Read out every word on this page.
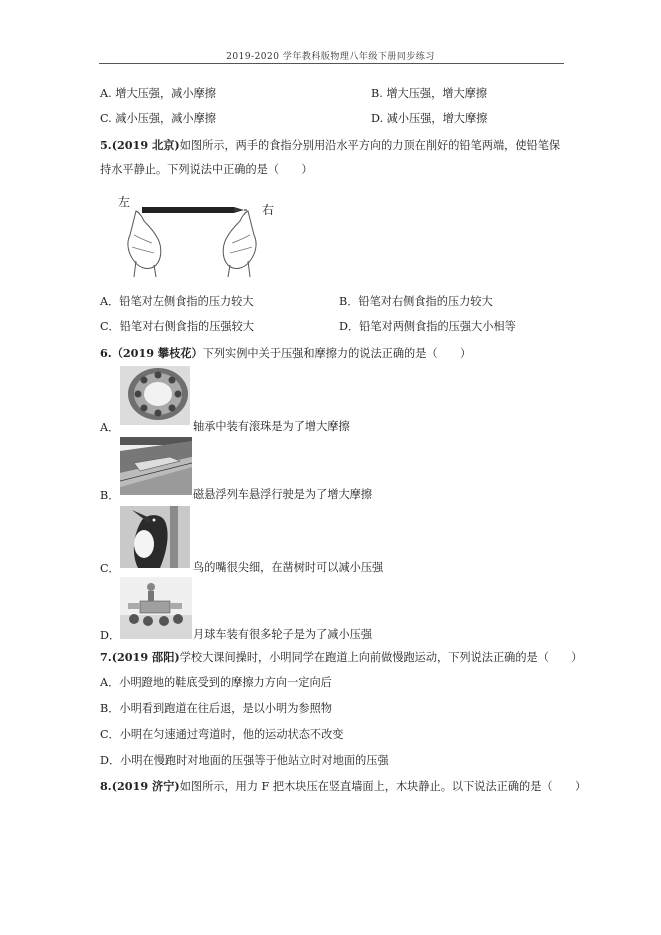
2019-2020 学年教科版物理八年级下册同步练习
A. 增大压强，减小摩擦	B. 增大压强，增大摩擦
C. 减小压强，减小摩擦	D. 减小压强，增大摩擦
5.(2019 北京)如图所示，两手的食指分别用沿水平方向的力顶在削好的铅笔两端，使铅笔保
持水平静止。下列说法中正确的是（　　）
左
右
A．铅笔对左侧食指的压力较大	B．铅笔对右侧食指的压力较大
C．铅笔对右侧食指的压强较大	D．铅笔对两侧食指的压强大小相等
6.（2019 攀枝花）下列实例中关于压强和摩擦力的说法正确的是（　　）
A．	轴承中装有滚珠是为了增大摩擦
B．	磁悬浮列车悬浮行驶是为了增大摩擦
C．	鸟的嘴很尖细，在凿树时可以减小压强
D．	月球车装有很多轮子是为了减小压强
7.(2019 邵阳)学校大课间操时，小明同学在跑道上向前做慢跑运动，下列说法正确的是（　　）
A．小明蹬地的鞋底受到的摩擦力方向一定向后
B．小明看到跑道在往后退，是以小明为参照物
C．小明在匀速通过弯道时，他的运动状态不改变
D．小明在慢跑时对地面的压强等于他站立时对地面的压强
8.(2019 济宁)如图所示，用力 F 把木块压在竖直墙面上，木块静止。以下说法正确的是（　　）
